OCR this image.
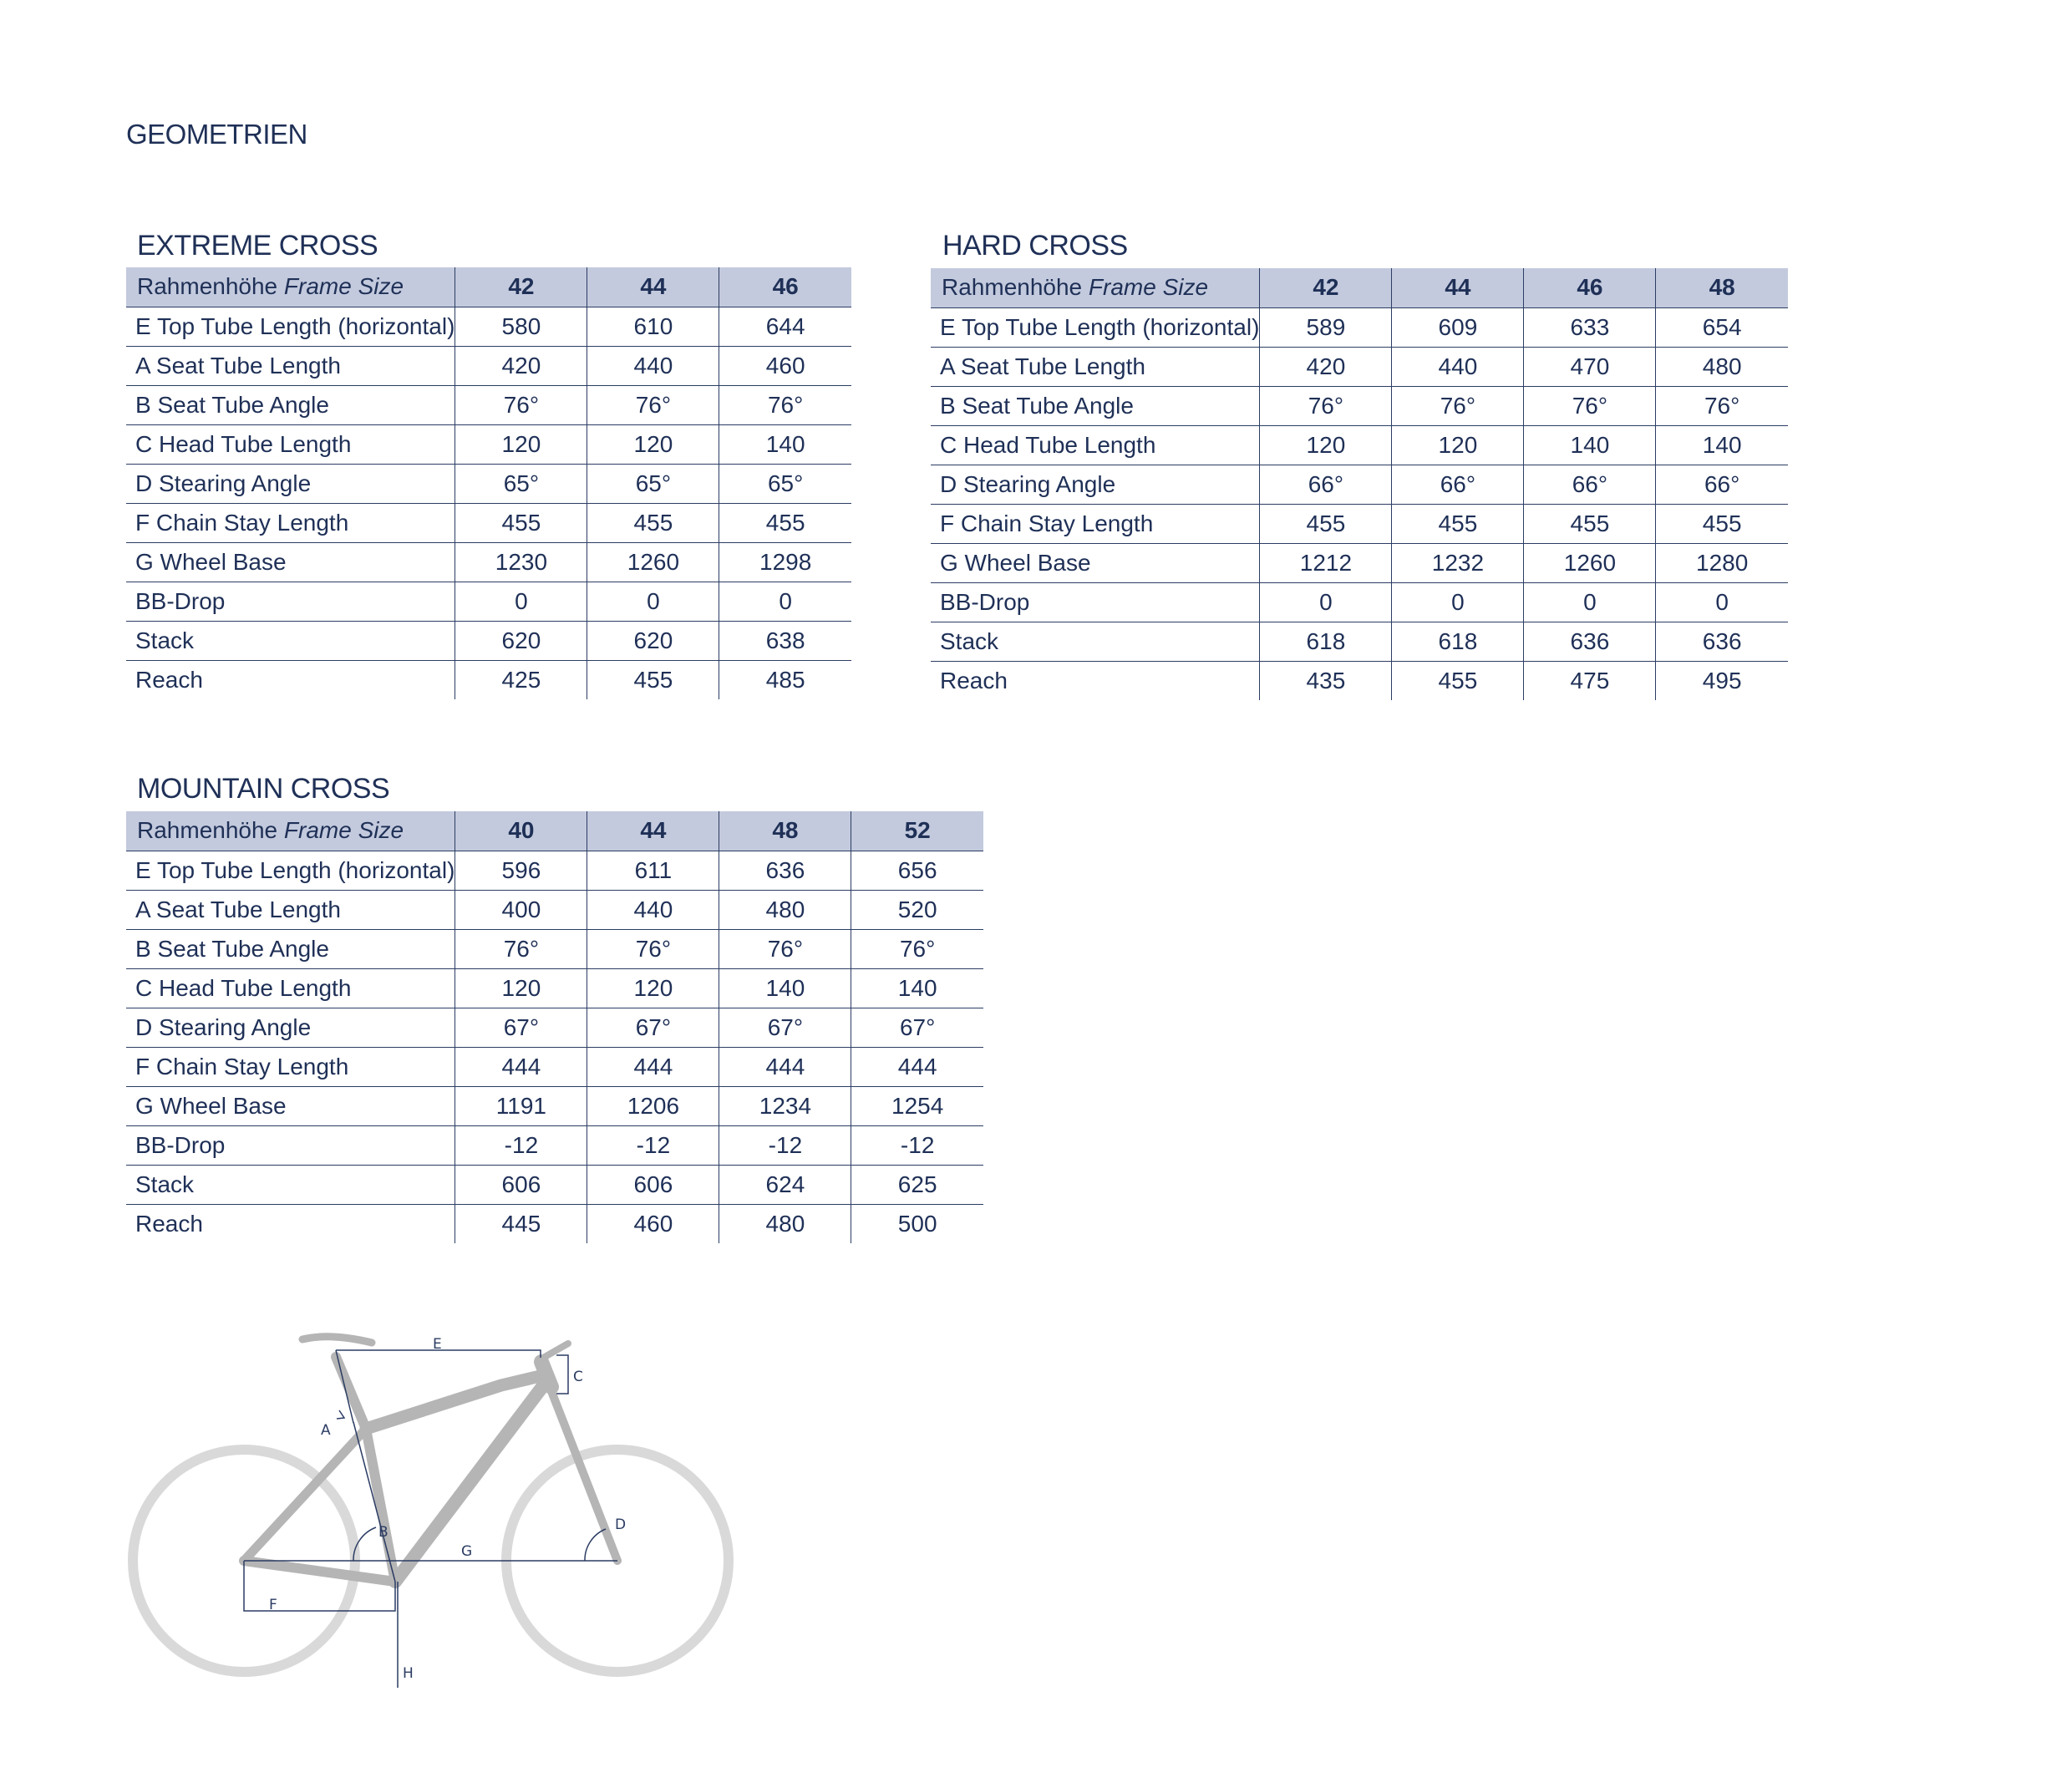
GEOMETRIEN
EXTREME CROSS
Rahmenhöhe Frame Size	42	44	46
E Top Tube Length (horizontal)	580	610	644
A Seat Tube Length	420	440	460
B Seat Tube Angle	76°	76°	76°
C Head Tube Length	120	120	140
D Stearing Angle	65°	65°	65°
F Chain Stay Length	455	455	455
G Wheel Base	1230	1260	1298
BB-Drop	0	0	0
Stack	620	620	638
Reach	425	455	485
HARD CROSS
Rahmenhöhe Frame Size	42	44	46	48
E Top Tube Length (horizontal)	589	609	633	654
A Seat Tube Length	420	440	470	480
B Seat Tube Angle	76°	76°	76°	76°
C Head Tube Length	120	120	140	140
D Stearing Angle	66°	66°	66°	66°
F Chain Stay Length	455	455	455	455
G Wheel Base	1212	1232	1260	1280
BB-Drop	0	0	0	0
Stack	618	618	636	636
Reach	435	455	475	495
MOUNTAIN CROSS
Rahmenhöhe Frame Size	40	44	48	52
E Top Tube Length (horizontal)	596	611	636	656
A Seat Tube Length	400	440	480	520
B Seat Tube Angle	76°	76°	76°	76°
C Head Tube Length	120	120	140	140
D Stearing Angle	67°	67°	67°	67°
F Chain Stay Length	444	444	444	444
G Wheel Base	1191	1206	1234	1254
BB-Drop	-12	-12	-12	-12
Stack	606	606	624	625
Reach	445	460	480	500
E
A
C
B	D
G
F
H
